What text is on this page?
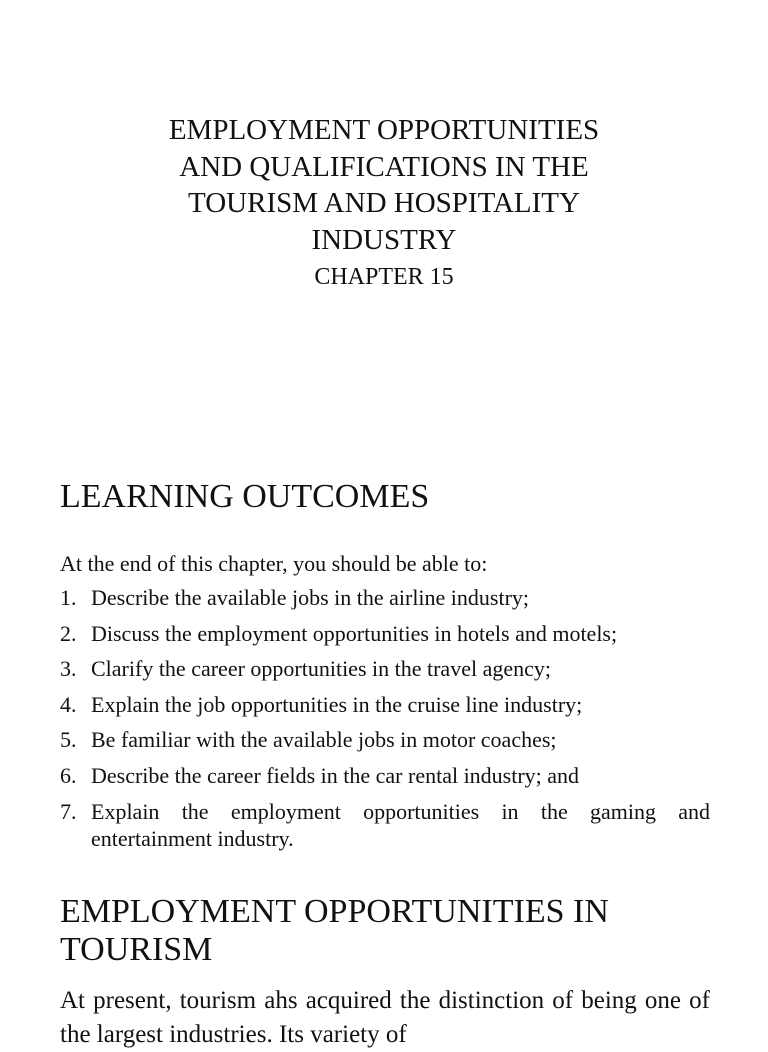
EMPLOYMENT OPPORTUNITIES
AND QUALIFICATIONS IN THE
TOURISM AND HOSPITALITY
INDUSTRY
CHAPTER 15
LEARNING OUTCOMES
At the end of this chapter, you should be able to:
1. Describe the available jobs in the airline industry;
2. Discuss the employment opportunities in hotels and motels;
3. Clarify the career opportunities in the travel agency;
4. Explain the job opportunities in the cruise line industry;
5. Be familiar with the available jobs in motor coaches;
6. Describe the career fields in the car rental industry; and
7. Explain the employment opportunities in the gaming and entertainment industry.
EMPLOYMENT OPPORTUNITIES IN TOURISM

At present, tourism ahs acquired the distinction of being one of the largest industries. Its variety of
